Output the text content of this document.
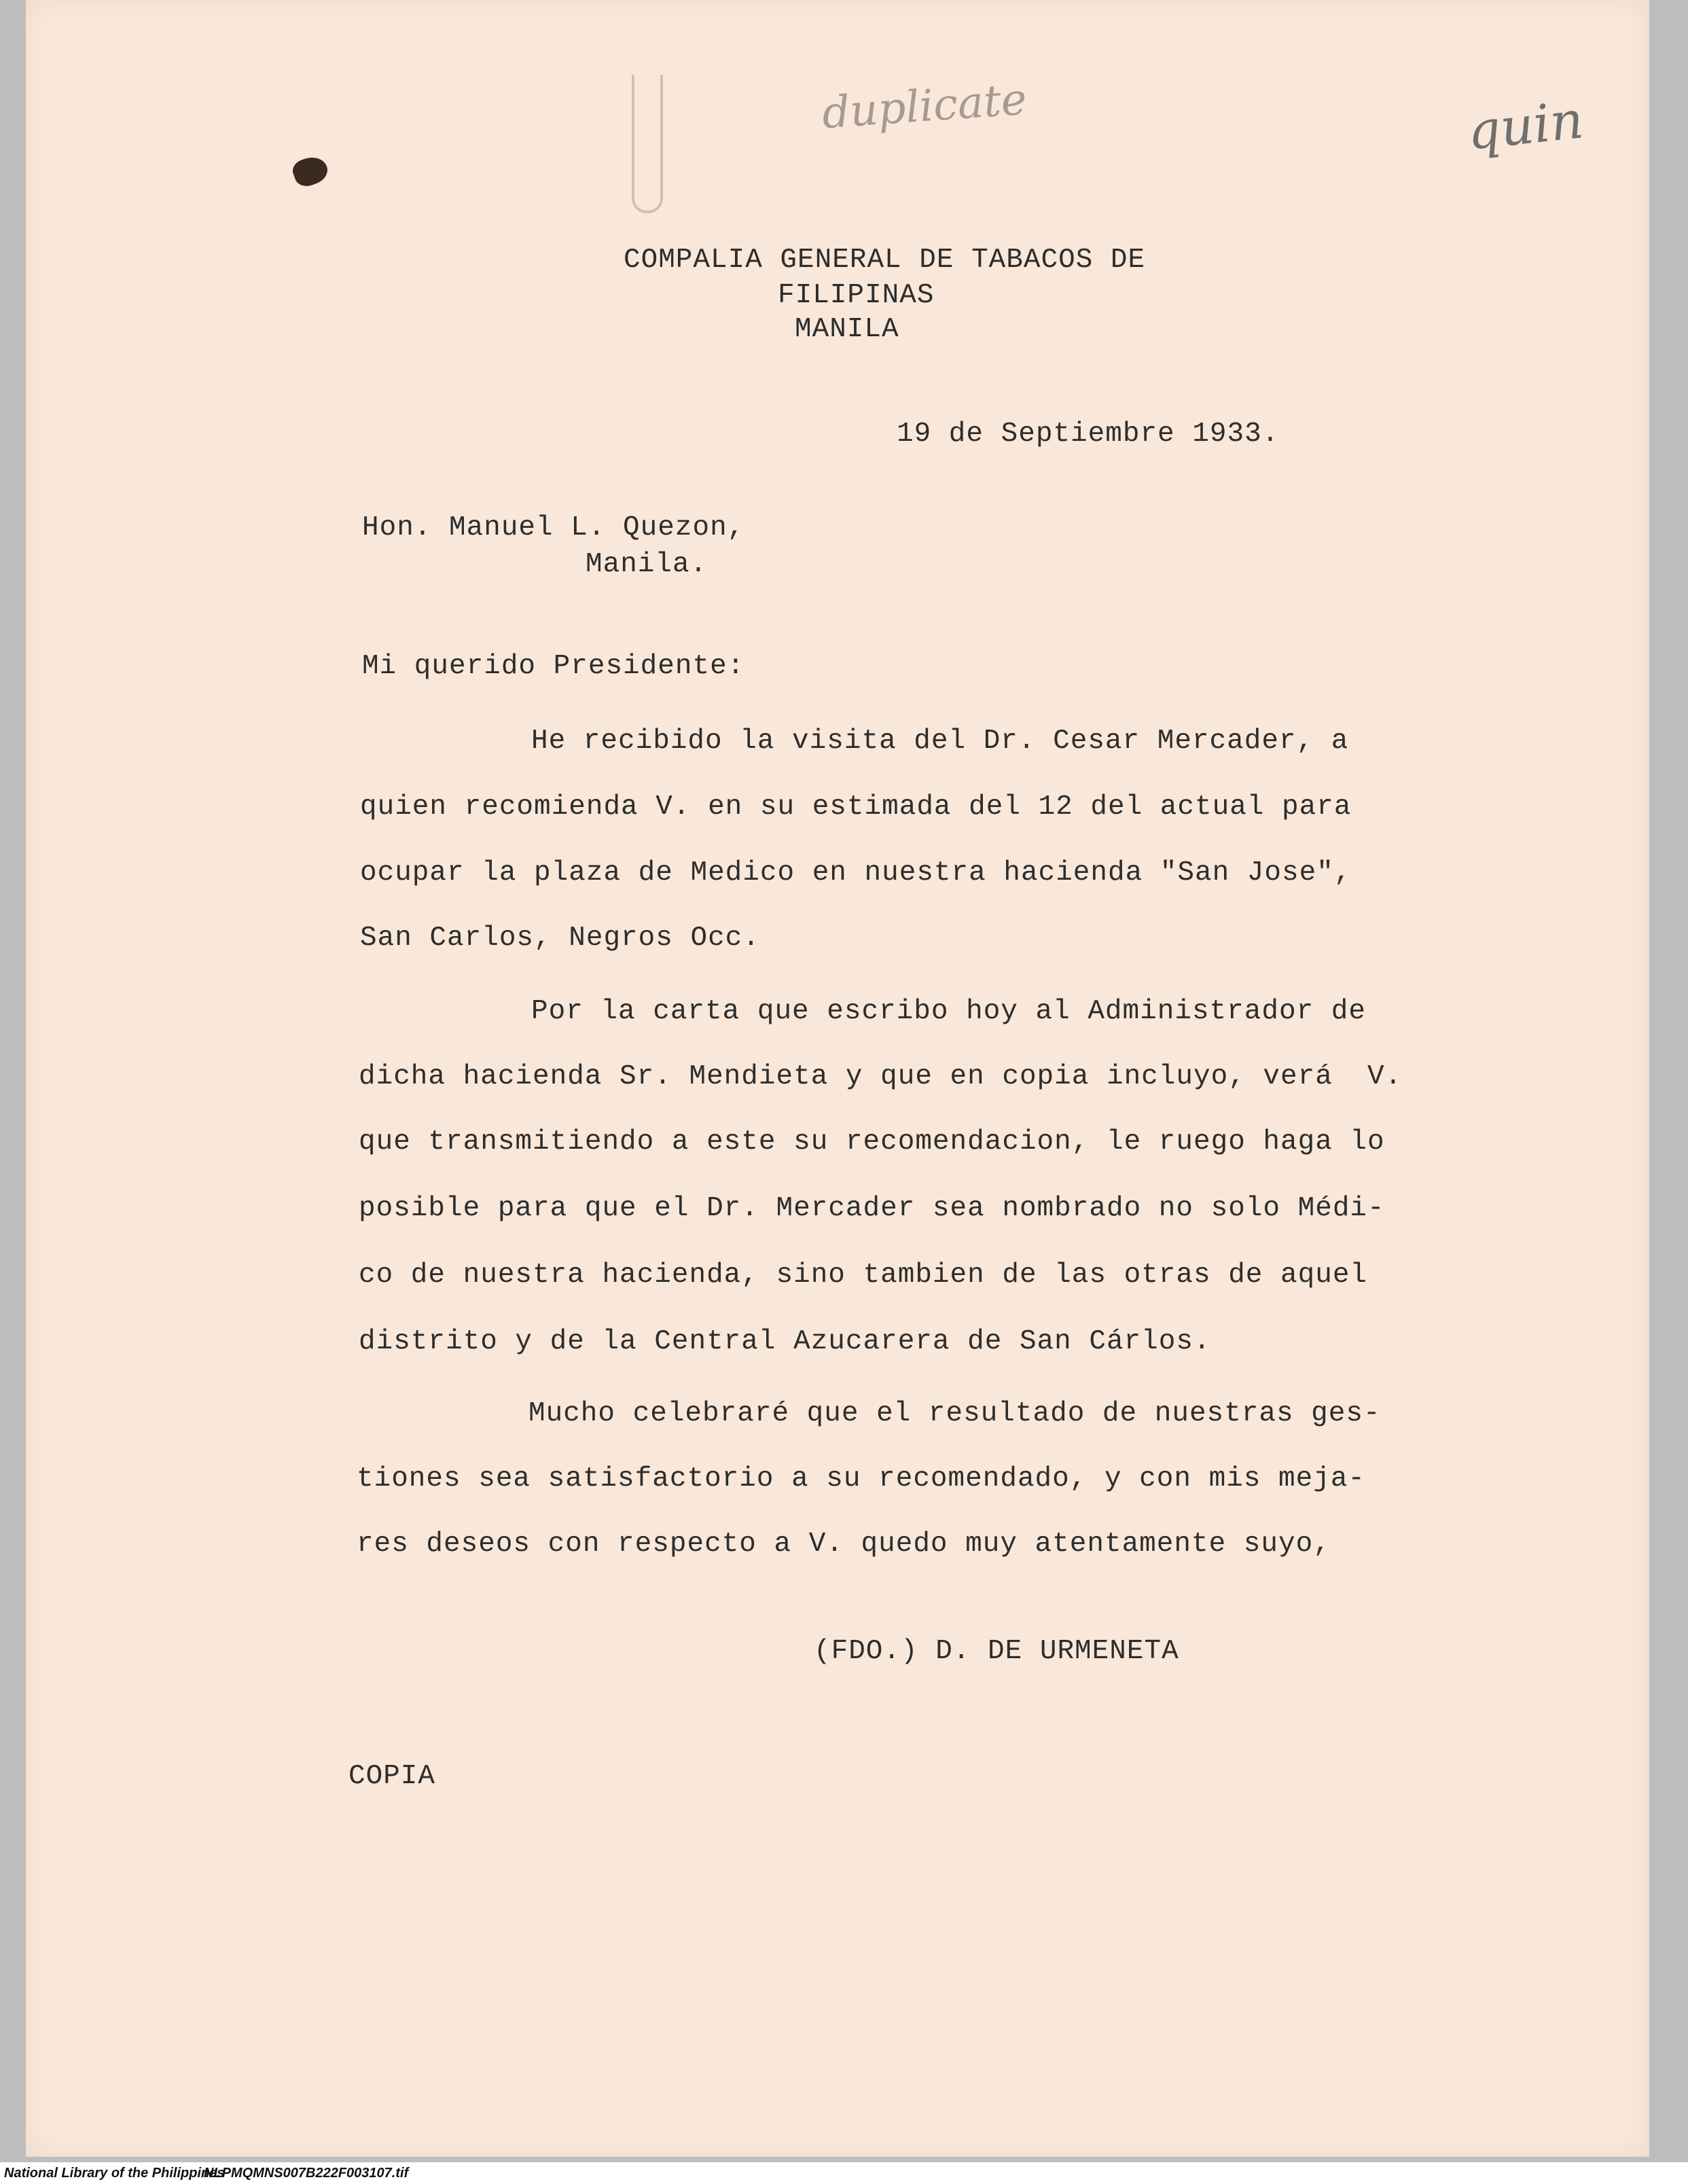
duplicate	quin
COMPALIA GENERAL DE TABACOS DE
FILIPINAS
MANILA
19 de Septiembre 1933.
Hon. Manuel L. Quezon,
Manila.
Mi querido Presidente:
He recibido la visita del Dr. Cesar Mercader, a
quien recomienda V. en su estimada del 12 del actual para
ocupar la plaza de Medico en nuestra hacienda "San Jose",
San Carlos, Negros Occ.
Por la carta que escribo hoy al Administrador de
dicha hacienda Sr. Mendieta y que en copia incluyo, verá  V.
que transmitiendo a este su recomendacion, le ruego haga lo
posible para que el Dr. Mercader sea nombrado no solo Médi-
co de nuestra hacienda, sino tambien de las otras de aquel
distrito y de la Central Azucarera de San Cárlos.
Mucho celebraré que el resultado de nuestras ges-
tiones sea satisfactorio a su recomendado, y con mis meja-
res deseos con respecto a V. quedo muy atentamente suyo,
(FDO.) D. DE URMENETA
COPIA
National Library of the Philippines
NLPMQMNS007B222F003107.tif
